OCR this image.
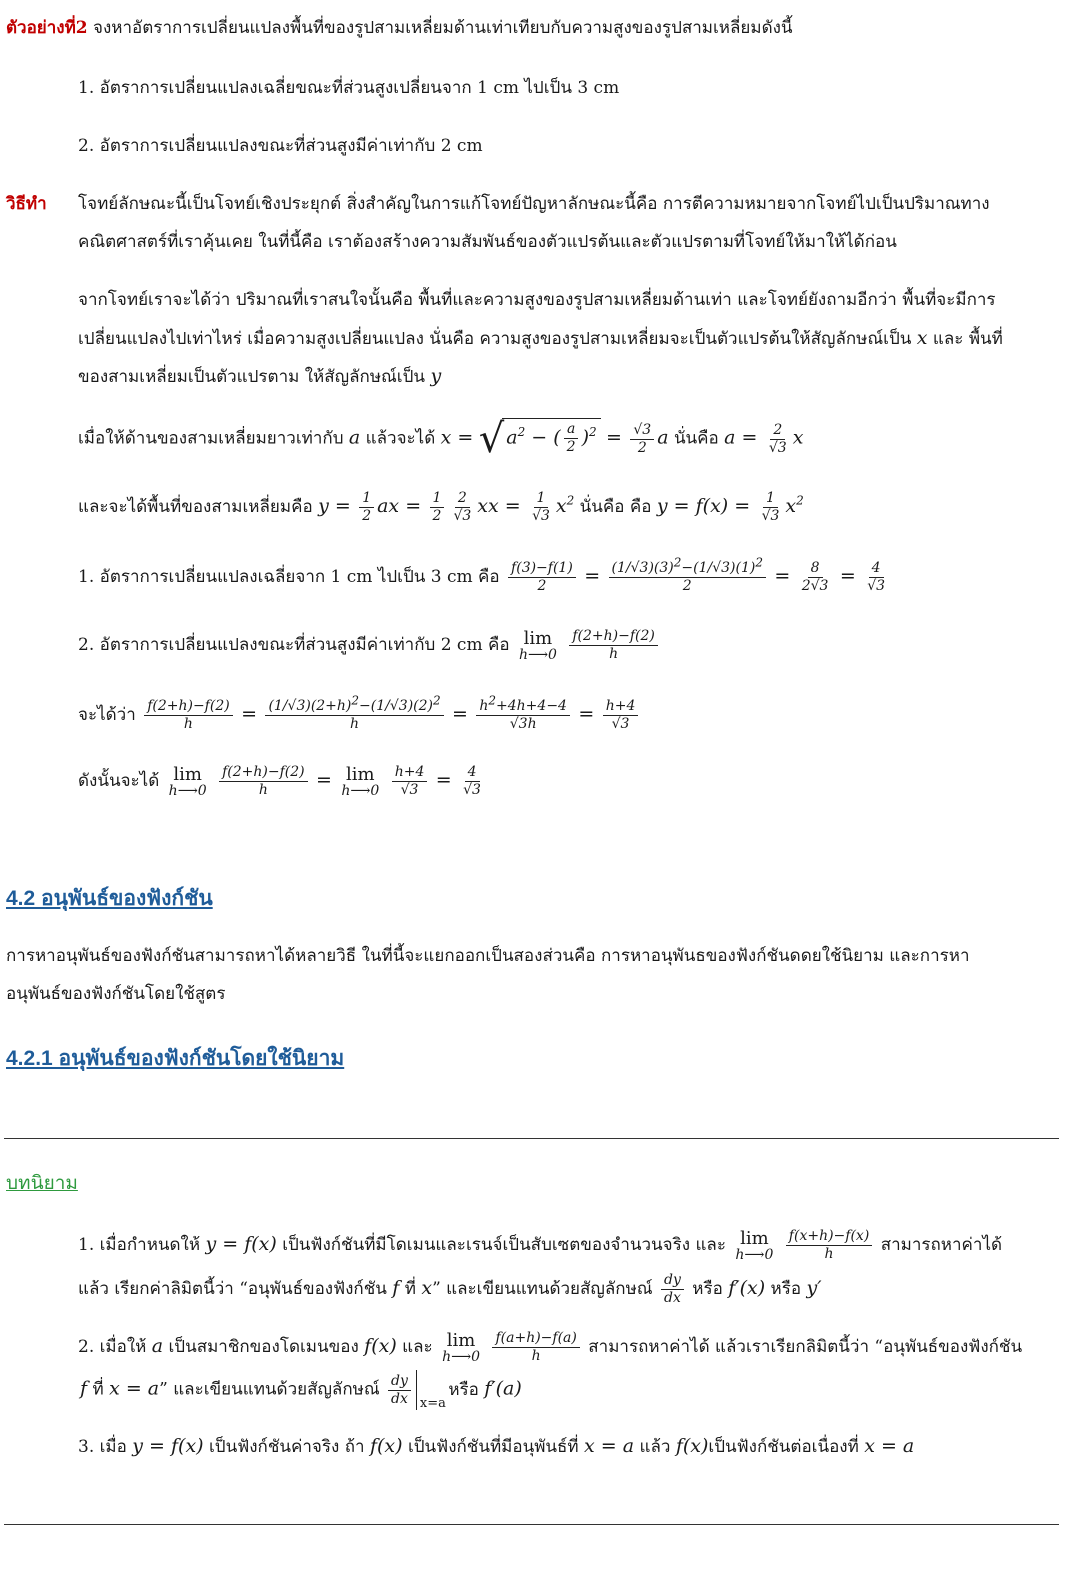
ตัวอย่างที่2 จงหาอัตราการเปลี่ยนแปลงพื้นที่ของรูปสามเหลี่ยมด้านเท่าเทียบกับความสูงของรูปสามเหลี่ยมดังนี้
1. อัตราการเปลี่ยนแปลงเฉลี่ยขณะที่ส่วนสูงเปลี่ยนจาก 1 cm ไปเป็น 3 cm
2. อัตราการเปลี่ยนแปลงขณะที่ส่วนสูงมีค่าเท่ากับ 2 cm
วิธีทำ	โจทย์ลักษณะนี้เป็นโจทย์เชิงประยุกต์ สิ่งสำคัญในการแก้โจทย์ปัญหาลักษณะนี้คือ การตีความหมายจากโจทย์ไปเป็นปริมาณทาง
คณิตศาสตร์ที่เราคุ้นเคย ในที่นี้คือ เราต้องสร้างความสัมพันธ์ของตัวแปรต้นและตัวแปรตามที่โจทย์ให้มาให้ได้ก่อน
จากโจทย์เราจะได้ว่า ปริมาณที่เราสนใจนั้นคือ พื้นที่และความสูงของรูปสามเหลี่ยมด้านเท่า และโจทย์ยังถามอีกว่า พื้นที่จะมีการ
เปลี่ยนแปลงไปเท่าไหร่ เมื่อความสูงเปลี่ยนแปลง นั่นคือ ความสูงของรูปสามเหลี่ยมจะเป็นตัวแปรต้นให้สัญลักษณ์เป็น x และ พื้นที่
ของสามเหลี่ยมเป็นตัวแปรตาม ให้สัญลักษณ์เป็น y
เมื่อให้ด้านของสามเหลี่ยมยาวเท่ากับ a แล้วจะได้ x = √ $a^2$ − ( $\frac{a}{2} )^2 = \frac{√3}{2}$ a นั่นคือ $a = \frac{2}{√3}$ x
และจะได้พื้นที่ของสามเหลี่ยมคือ $y = \frac{1}{2}$ ax = $\frac{1}{2} \frac{2}{√3}$ xx = $\frac{1}{√3} x^2$ นั่นคือ คือ $y = f(x) = \frac{1}{√3} x^2$
1. อัตราการเปลี่ยนแปลงเฉลี่ยจาก 1 cm ไปเป็น 3 cm คือ $\frac{f(3)-f(1)}{2} = \frac{(1/√3)(3)^2-(1/√3)(1)^2}{2} = \frac{8}{2√3} = \frac{4}{√3}$
2. อัตราการเปลี่ยนแปลงขณะที่ส่วนสูงมีค่าเท่ากับ 2 cm คือ lim
h⟶0
$\frac{f(2+h)-f(2)}{h}$
จะได้ว่า $\frac{f(2+h)-f(2)}{h} = \frac{(1/√3)(2+h)^2-(1/√3)(2)^2}{h} = \frac{h^2+4h+4-4}{√3h} = \frac{h+4}{√3}$
ดังนั้นจะได้ lim
h⟶0
$\frac{f(2+h)-f(2)}{h} = \lim$
h⟶0
$\frac{h+4}{√3} = \frac{4}{√3}$
4.2 อนุพันธ์ของฟังก์ชัน
การหาอนุพันธ์ของฟังก์ชันสามารถหาได้หลายวิธี ในที่นี้จะแยกออกเป็นสองส่วนคือ การหาอนุพันธของฟังก์ชันดดยใช้นิยาม และการหา
อนุพันธ์ของฟังก์ชันโดยใช้สูตร
4.2.1 อนุพันธ์ของฟังก์ชันโดยใช้นิยาม
บทนิยาม
1. เมื่อกำหนดให้ y = f(x) เป็นฟังก์ชันที่มีโดเมนและเรนจ์เป็นสับเซตของจำนวนจริง และ lim
h⟶0
$\frac{f(x+h)-f(x)}{h}$ สามารถหาค่าได้
แล้ว เรียกค่าลิมิตนี้ว่า “อนุพันธ์ของฟังก์ชัน f ที่ x” และเขียนแทนด้วยสัญลักษณ์ $\frac{dy}{dx}$ หรือ f′(x) หรือ y′
2. เมื่อให้ a เป็นสมาชิกของโดเมนของ f(x) และ lim
h⟶0
$\frac{f(a+h)-f(a)}{h}$ สามารถหาค่าได้ แล้วเราเรียกลิมิตนี้ว่า “อนุพันธ์ของฟังก์ชัน
f ที่ x = a” และเขียนแทนด้วยสัญลักษณ์ $\frac{dy}{dx} x=a$
หรือ f′(a)
3. เมื่อ y = f(x) เป็นฟังก์ชันค่าจริง ถ้า f(x) เป็นฟังก์ชันที่มีอนุพันธ์ที่ x = a แล้ว f(x)เป็นฟังก์ชันต่อเนื่องที่ x = a
